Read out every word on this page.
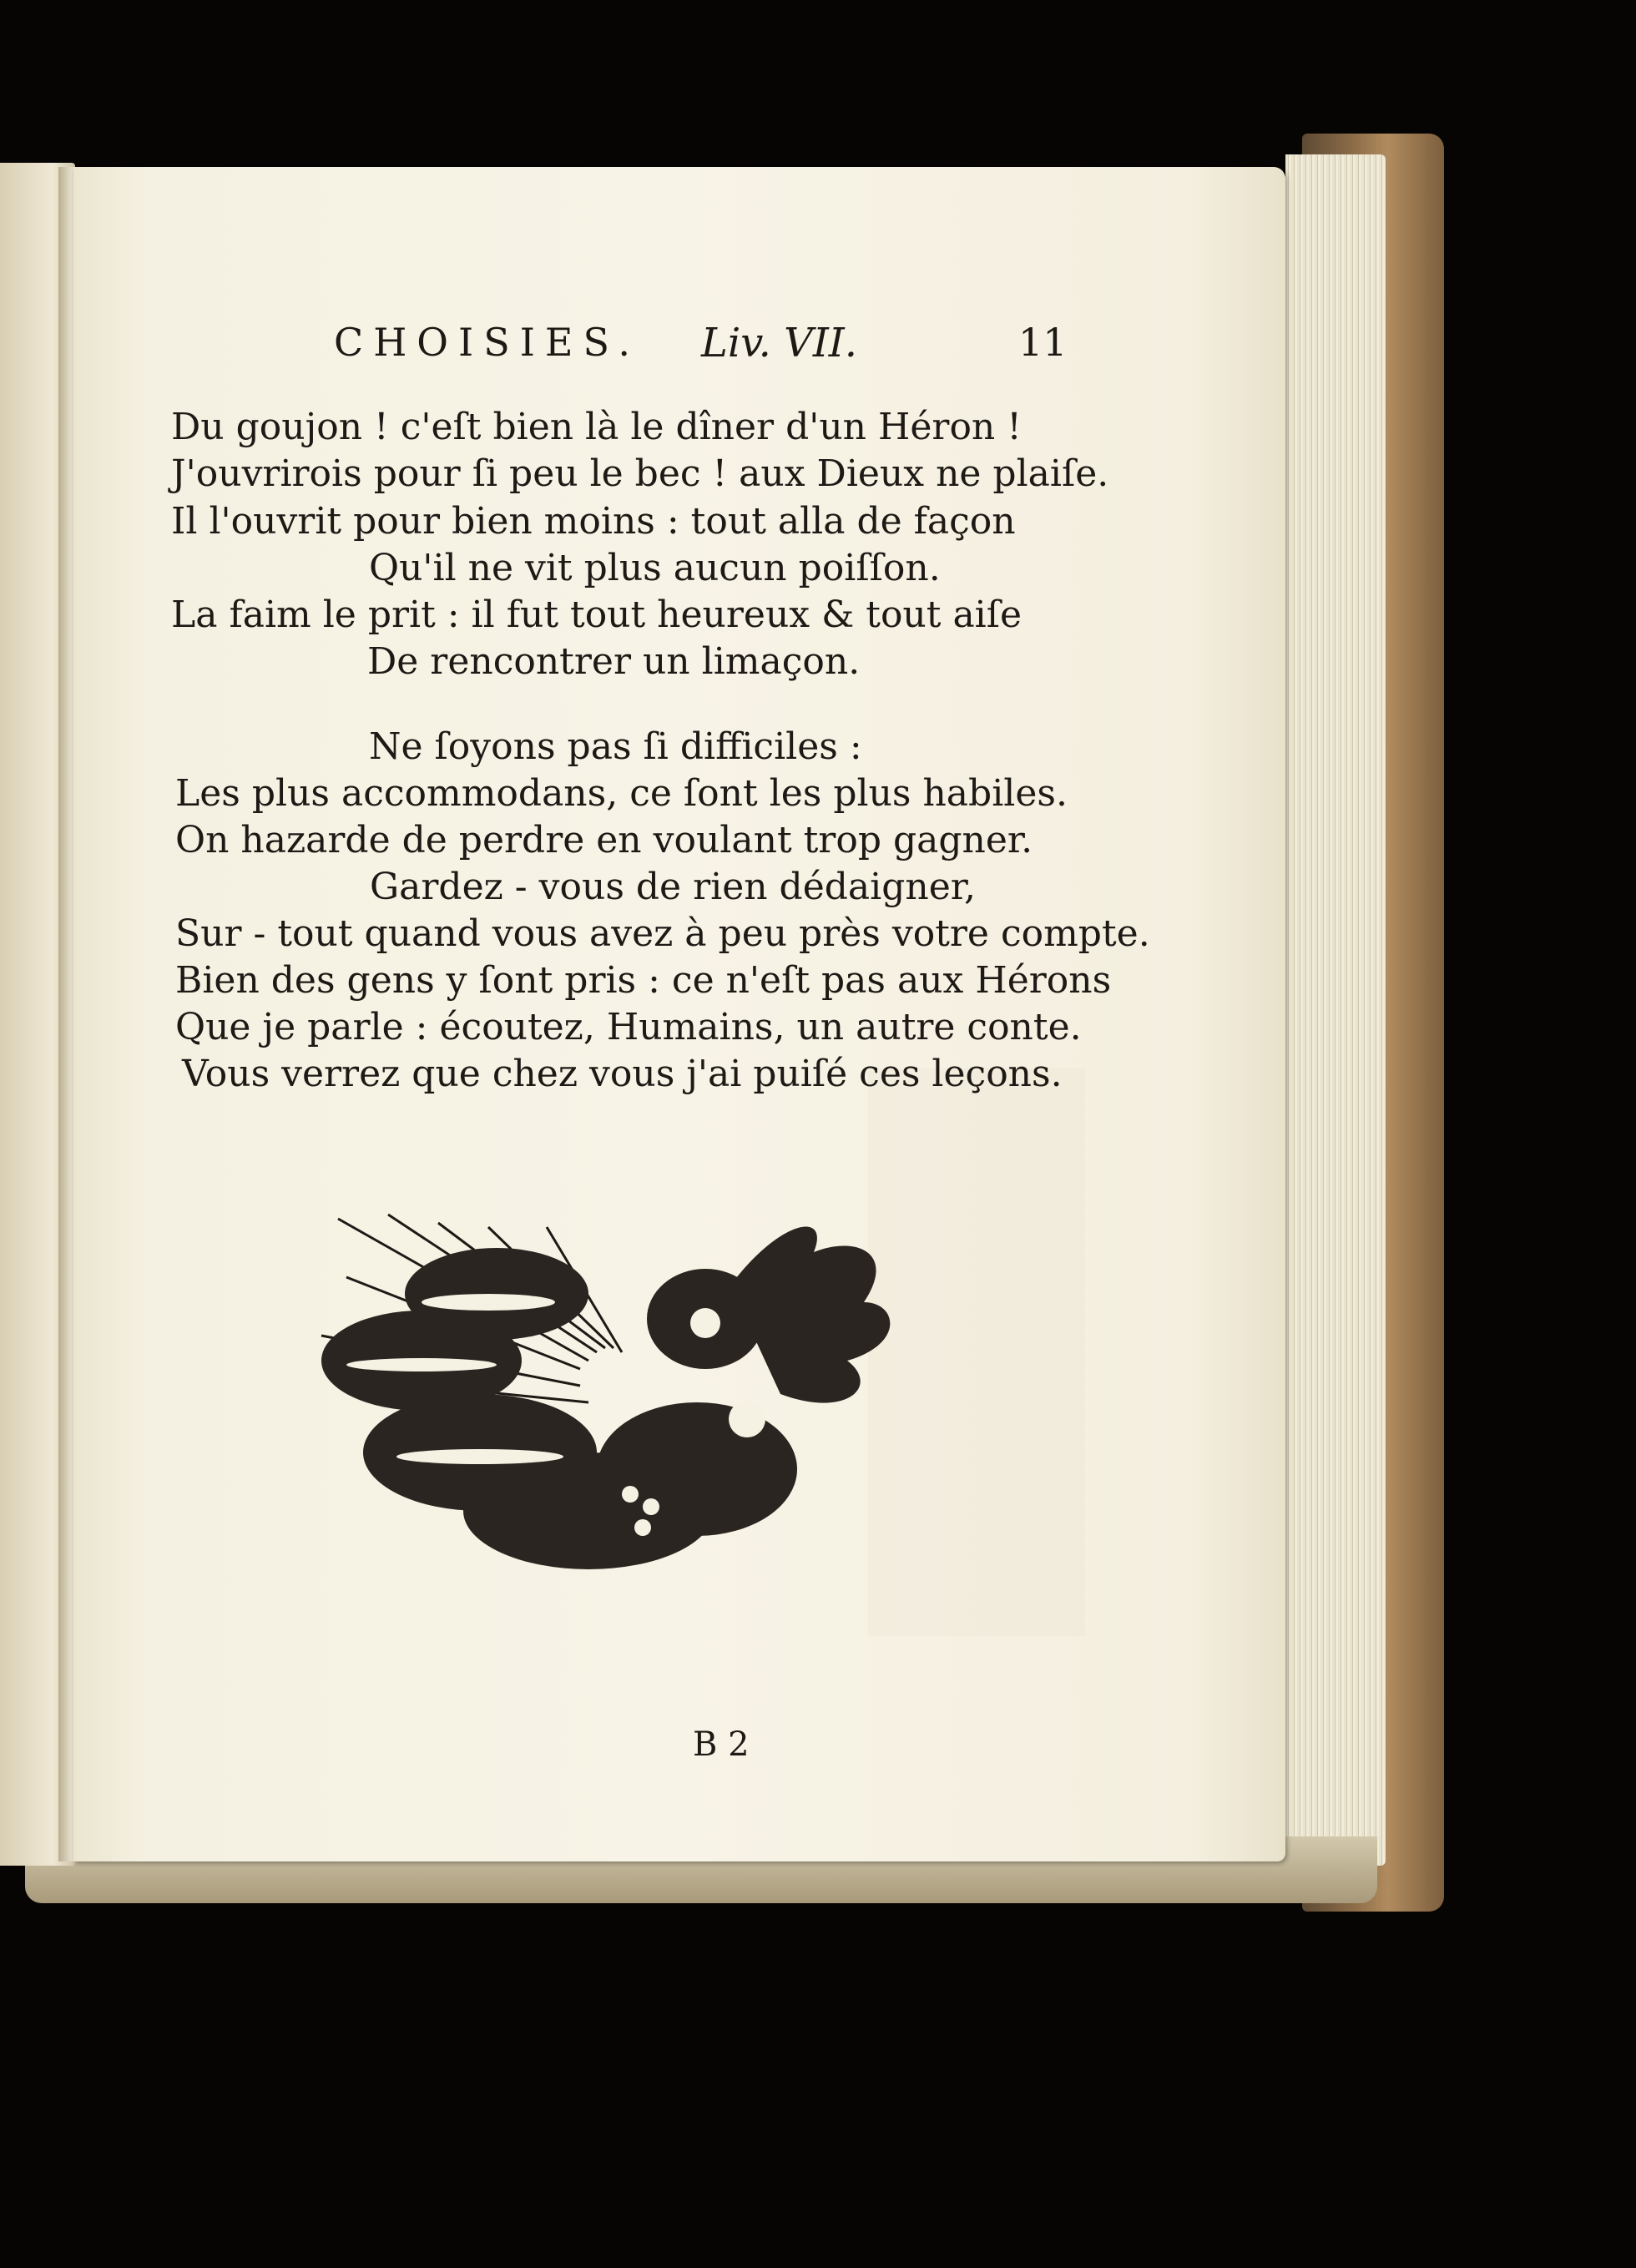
CHOISIES. Liv. VII.	11
Du goujon ! c'eſt bien là le dîner d'un Héron !
J'ouvrirois pour ſi peu le bec ! aux Dieux ne plaiſe.
Il l'ouvrit pour bien moins : tout alla de façon
Qu'il ne vit plus aucun poiſſon.
La faim le prit : il fut tout heureux & tout aiſe
De rencontrer un limaçon.
Ne ſoyons pas ſi difficiles :
Les plus accommodans, ce ſont les plus habiles.
On hazarde de perdre en voulant trop gagner.
Gardez - vous de rien dédaigner,
Sur - tout quand vous avez à peu près votre compte.
Bien des gens y ſont pris : ce n'eſt pas aux Hérons
Que je parle : écoutez, Humains, un autre conte.
Vous verrez que chez vous j'ai puiſé ces leçons.
B 2
